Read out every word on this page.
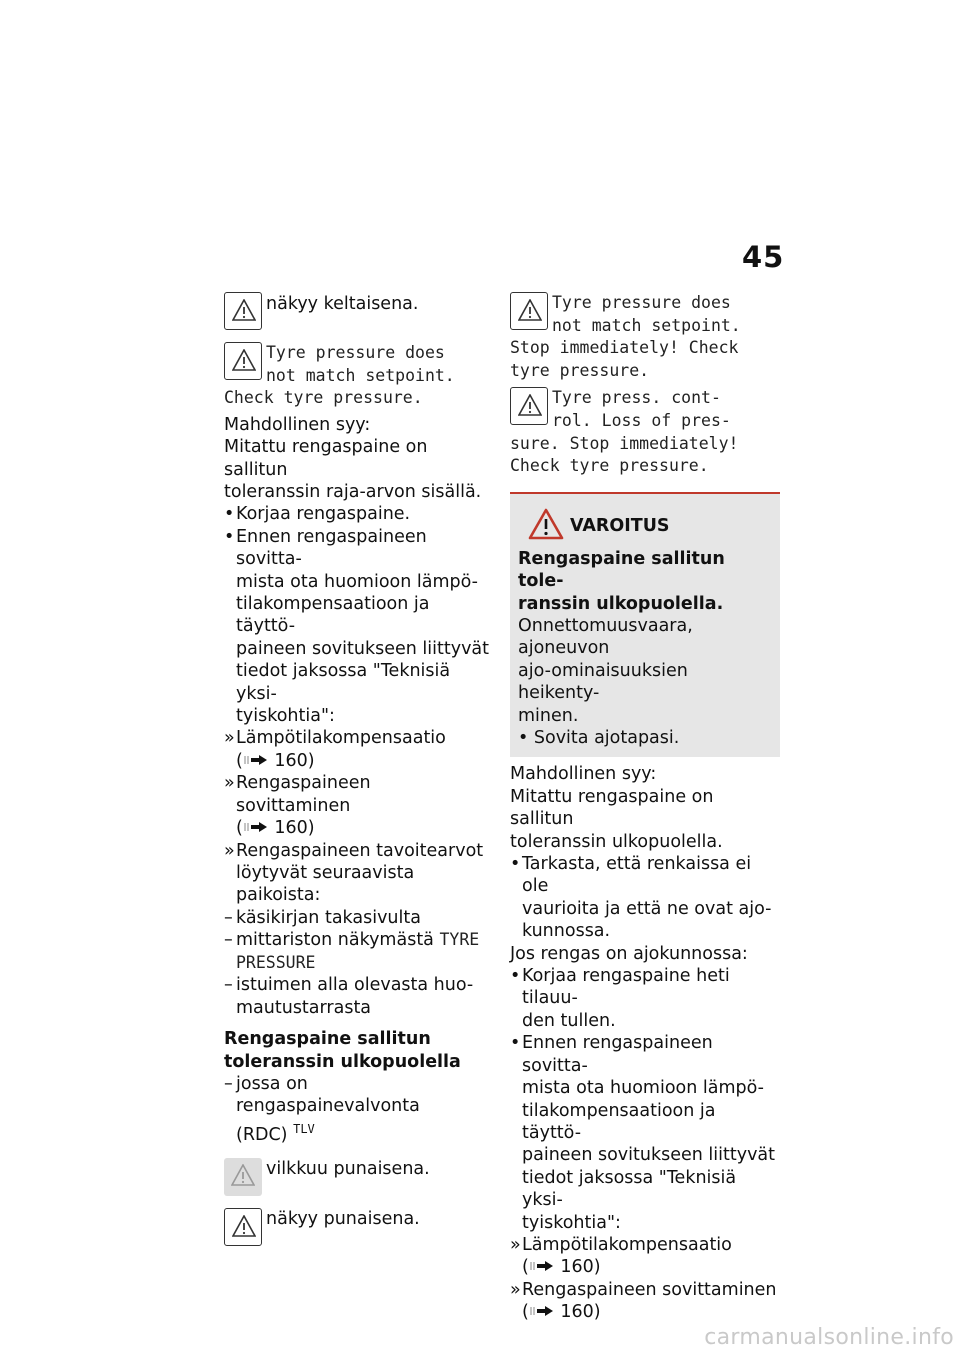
45

näkyy keltaisena.

Tyre pressure does
not match setpoint.
Check tyre pressure.

Mahdollinen syy:

Mitattu rengaspaine on sallitun

toleranssin raja-arvon sisällä.

• Korjaa rengaspaine.

• Ennen rengaspaineen sovitta-

mista ota huomioon lämpö-

tilakompensaatioon ja täyttö-

paineen sovitukseen liittyvät

tiedot jaksossa "Teknisiä yksi-

tyiskohtia":

» Lämpötilakompensaatio

( 160)

» Rengaspaineen sovittaminen

( 160)

» Rengaspaineen tavoitearvot

löytyvät seuraavista paikoista:

– käsikirjan takasivulta

– mittariston näkymästä TYRE

PRESSURE

– istuimen alla olevasta huo-

mautustarrasta

Rengaspaine sallitun

toleranssin ulkopuolella

– jossa on rengaspainevalvonta

(RDC) $^{TLV}$

vilkkuu punaisena.

näkyy punaisena.

Tyre pressure does
not match setpoint.
Stop immediately! Check
tyre pressure.
Tyre press. cont-
rol. Loss of pres-
sure. Stop immediately!
Check tyre pressure.
VAROITUS

Rengaspaine sallitun tole-

ranssin ulkopuolella.

Onnettomuusvaara, ajoneuvon

ajo-ominaisuuksien heikenty-

minen.

• Sovita ajotapasi.

Mahdollinen syy:

Mitattu rengaspaine on sallitun

toleranssin ulkopuolella.

• Tarkasta, että renkaissa ei ole

vaurioita ja että ne ovat ajo-

kunnossa.

Jos rengas on ajokunnossa:

• Korjaa rengaspaine heti tilauu-

den tullen.

• Ennen rengaspaineen sovitta-

mista ota huomioon lämpö-

tilakompensaatioon ja täyttö-

paineen sovitukseen liittyvät

tiedot jaksossa "Teknisiä yksi-

tyiskohtia":

» Lämpötilakompensaatio

( 160)

» Rengaspaineen sovittaminen

( 160)

carmanualsonline.info
